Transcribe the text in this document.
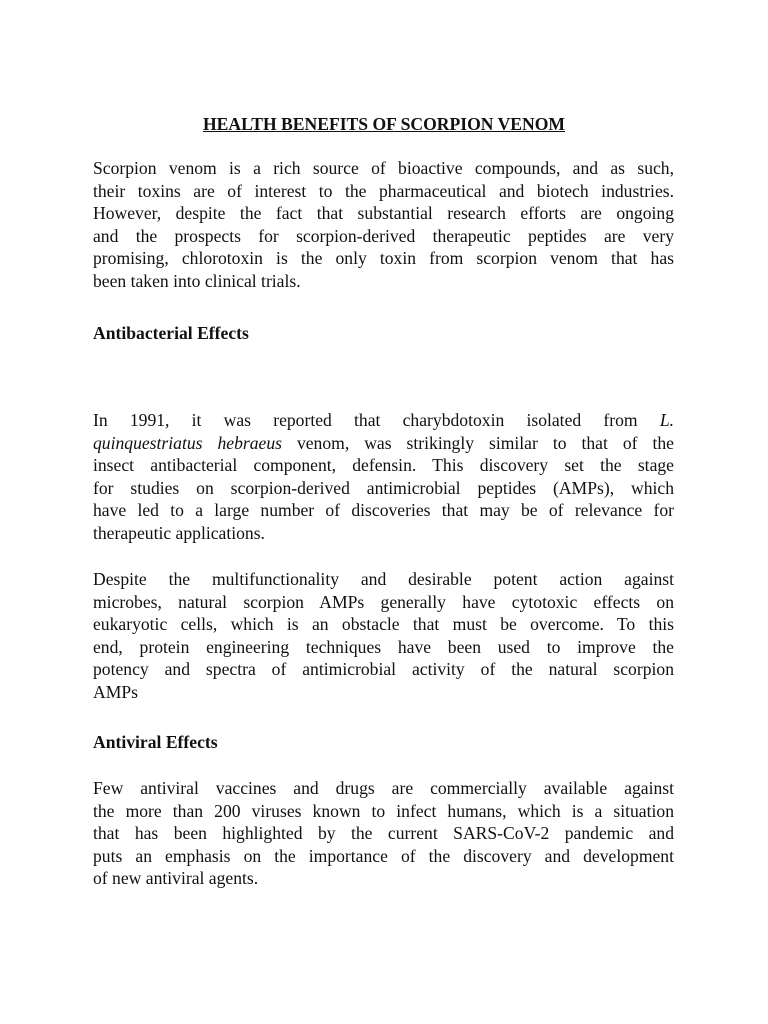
HEALTH BENEFITS OF SCORPION VENOM
Scorpion venom is a rich source of bioactive compounds, and as such,
their toxins are of interest to the pharmaceutical and biotech industries.
However, despite the fact that substantial research efforts are ongoing
and the prospects for scorpion-derived therapeutic peptides are very
promising, chlorotoxin is the only toxin from scorpion venom that has
been taken into clinical trials.
Antibacterial Effects
In 1991, it was reported that charybdotoxin isolated from L.
quinquestriatus hebraeus venom, was strikingly similar to that of the
insect antibacterial component, defensin. This discovery set the stage
for studies on scorpion-derived antimicrobial peptides (AMPs), which
have led to a large number of discoveries that may be of relevance for
therapeutic applications.
Despite the multifunctionality and desirable potent action against
microbes, natural scorpion AMPs generally have cytotoxic effects on
eukaryotic cells, which is an obstacle that must be overcome. To this
end, protein engineering techniques have been used to improve the
potency and spectra of antimicrobial activity of the natural scorpion
AMPs
Antiviral Effects
Few antiviral vaccines and drugs are commercially available against
the more than 200 viruses known to infect humans, which is a situation
that has been highlighted by the current SARS-CoV-2 pandemic and
puts an emphasis on the importance of the discovery and development
of new antiviral agents.
